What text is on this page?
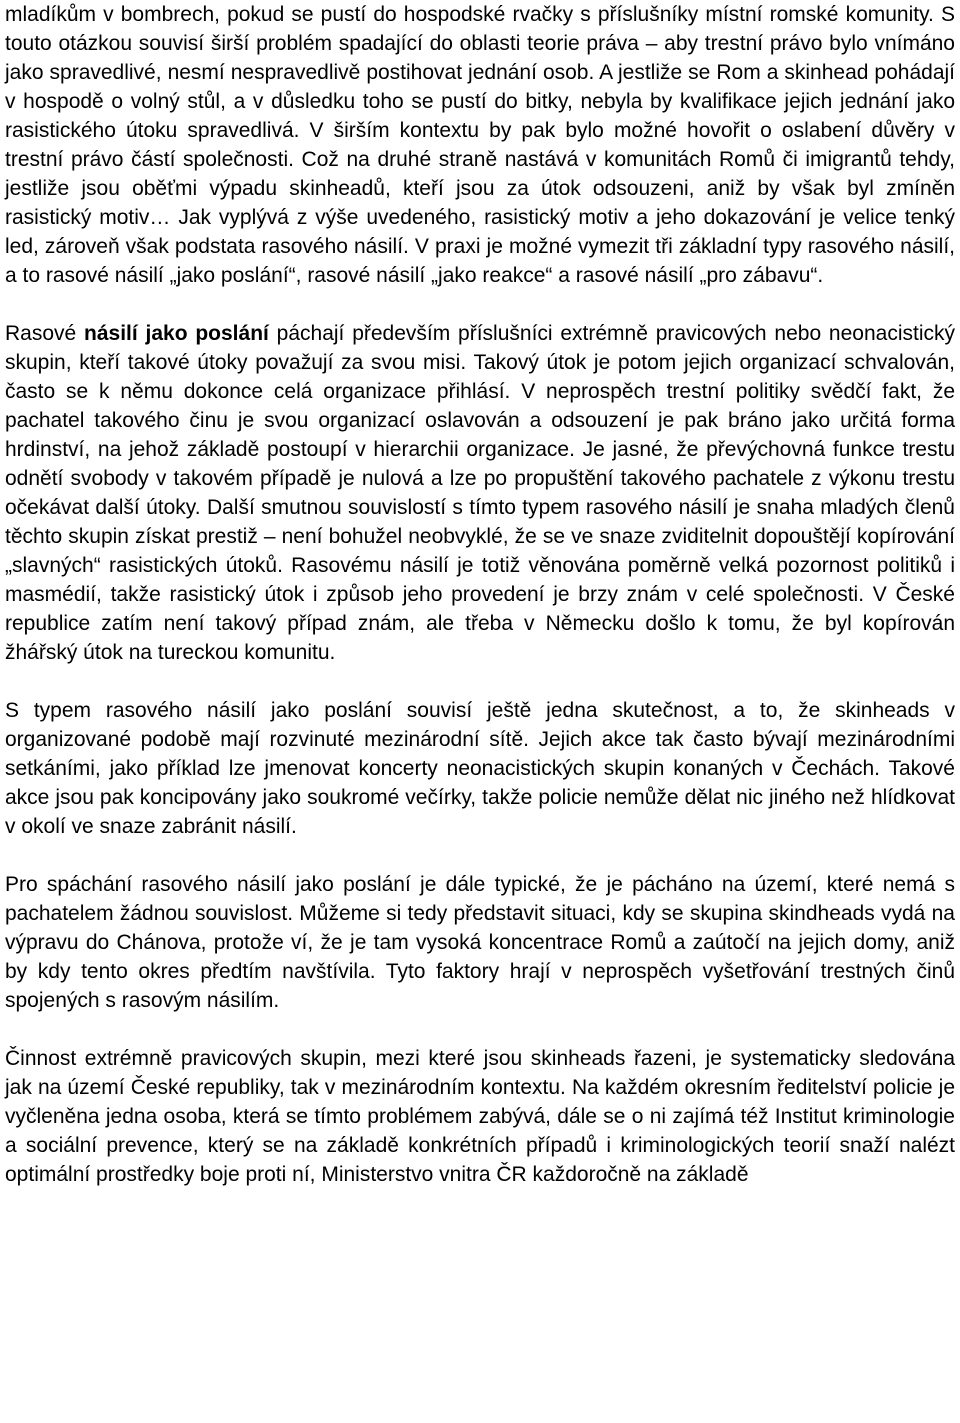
mladíkům v bombrech, pokud se pustí do hospodské rvačky s příslušníky místní romské komunity. S touto otázkou souvisí širší problém spadající do oblasti teorie práva – aby trestní právo bylo vnímáno jako spravedlivé, nesmí nespravedlivě postihovat jednání osob. A jestliže se Rom a skinhead pohádají v hospodě o volný stůl, a v důsledku toho se pustí do bitky, nebyla by kvalifikace jejich jednání jako rasistického útoku spravedlivá. V širším kontextu by pak bylo možné hovořit o oslabení důvěry v trestní právo částí společnosti. Což na druhé straně nastává v komunitách Romů či imigrantů tehdy, jestliže jsou oběťmi výpadu skinheadů, kteří jsou za útok odsouzeni, aniž by však byl zmíněn rasistický motiv… Jak vyplývá z výše uvedeného, rasistický motiv a jeho dokazování je velice tenký led, zároveň však podstata rasového násilí. V praxi je možné vymezit tři základní typy rasového násilí, a to rasové násilí „jako poslání“, rasové násilí „jako reakce“ a rasové násilí „pro zábavu“.

Rasové násilí jako poslání páchají především příslušníci extrémně pravicových nebo neonacistický skupin, kteří takové útoky považují za svou misi. Takový útok je potom jejich organizací schvalován, často se k němu dokonce celá organizace přihlásí. V neprospěch trestní politiky svědčí fakt, že pachatel takového činu je svou organizací oslavován a odsouzení je pak bráno jako určitá forma hrdinství, na jehož základě postoupí v hierarchii organizace. Je jasné, že převýchovná funkce trestu odnětí svobody v takovém případě je nulová a lze po propuštění takového pachatele z výkonu trestu očekávat další útoky. Další smutnou souvislostí s tímto typem rasového násilí je snaha mladých členů těchto skupin získat prestiž – není bohužel neobvyklé, že se ve snaze zviditelnit dopouštějí kopírování „slavných“ rasistických útoků. Rasovému násilí je totiž věnována poměrně velká pozornost politiků i masmédií, takže rasistický útok i způsob jeho provedení je brzy znám v celé společnosti. V České republice zatím není takový případ znám, ale třeba v Německu došlo k tomu, že byl kopírován žhářský útok na tureckou komunitu.

S typem rasového násilí jako poslání souvisí ještě jedna skutečnost, a to, že skinheads v organizované podobě mají rozvinuté mezinárodní sítě. Jejich akce tak často bývají mezinárodními setkáními, jako příklad lze jmenovat koncerty neonacistických skupin konaných v Čechách. Takové akce jsou pak koncipovány jako soukromé večírky, takže policie nemůže dělat nic jiného než hlídkovat v okolí ve snaze zabránit násilí.

Pro spáchání rasového násilí jako poslání je dále typické, že je pácháno na území, které nemá s pachatelem žádnou souvislost. Můžeme si tedy představit situaci, kdy se skupina skindheads vydá na výpravu do Chánova, protože ví, že je tam vysoká koncentrace Romů a zaútočí na jejich domy, aniž by kdy tento okres předtím navštívila. Tyto faktory hrají v neprospěch vyšetřování trestných činů spojených s rasovým násilím.

Činnost extrémně pravicových skupin, mezi které jsou skinheads řazeni, je systematicky sledována jak na území České republiky, tak v mezinárodním kontextu. Na každém okresním ředitelství policie je vyčleněna jedna osoba, která se tímto problémem zabývá, dále se o ni zajímá též Institut kriminologie a sociální prevence, který se na základě konkrétních případů i kriminologických teorií snaží nalézt optimální prostředky boje proti ní, Ministerstvo vnitra ČR každoročně na základě
